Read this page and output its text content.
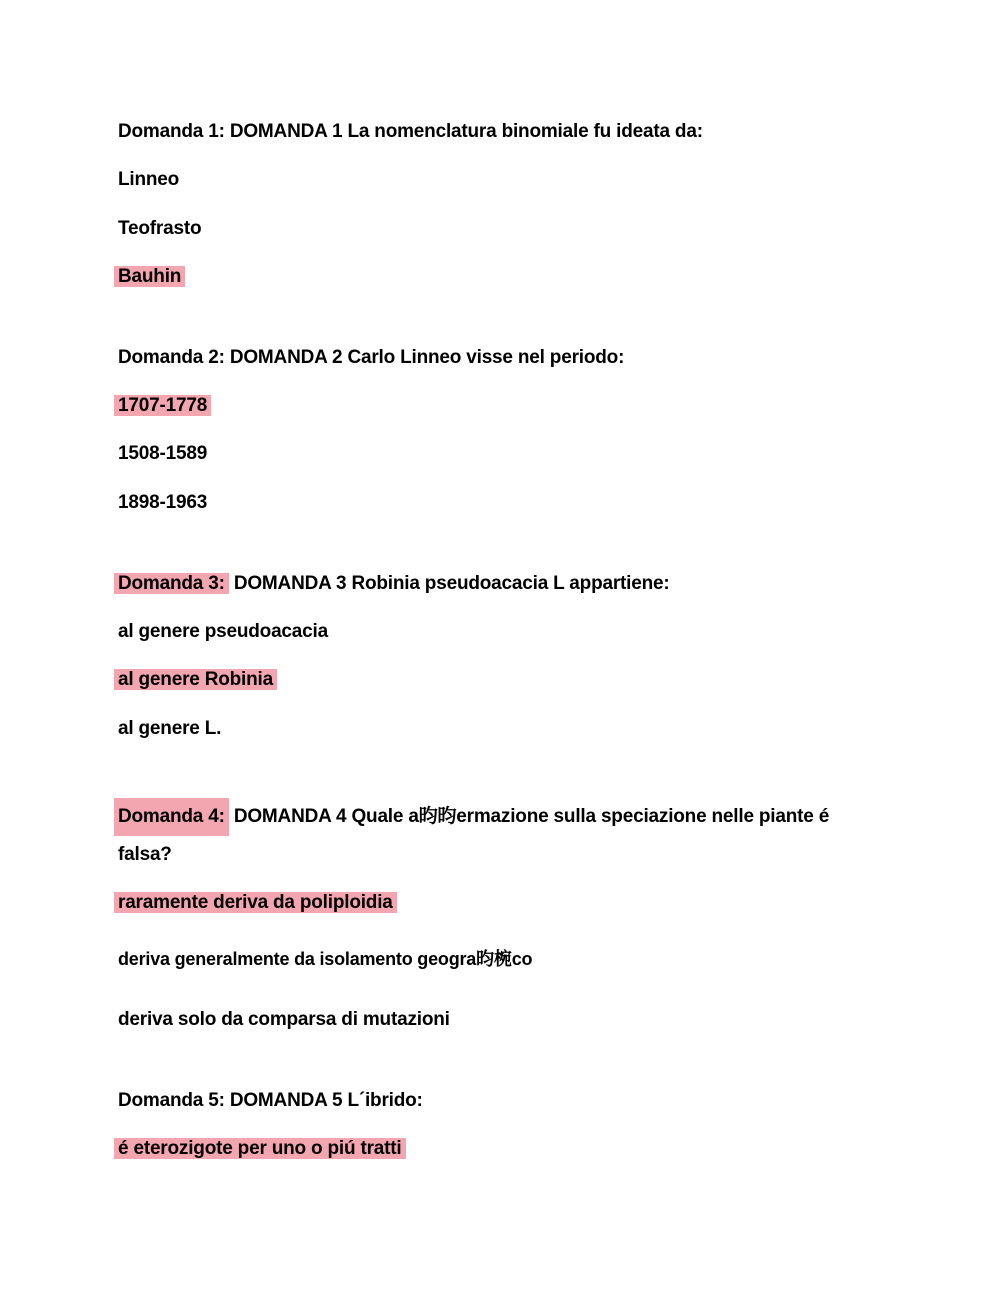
Domanda 1: DOMANDA 1 La nomenclatura binomiale fu ideata da:
Linneo
Teofrasto
Bauhin
Domanda 2: DOMANDA 2 Carlo Linneo visse nel periodo:
1707-1778
1508-1589
1898-1963
Domanda 3: DOMANDA 3 Robinia pseudoacacia L appartiene:
al genere pseudoacacia
al genere Robinia
al genere L.
Domanda 4: DOMANDA 4 Quale a昀昀ermazione sulla speciazione nelle piante é
falsa?
raramente deriva da poliploidia
deriva generalmente da isolamento geogra昀椀co
deriva solo da comparsa di mutazioni
Domanda 5: DOMANDA 5 L´ibrido:
é eterozigote per uno o piú tratti
